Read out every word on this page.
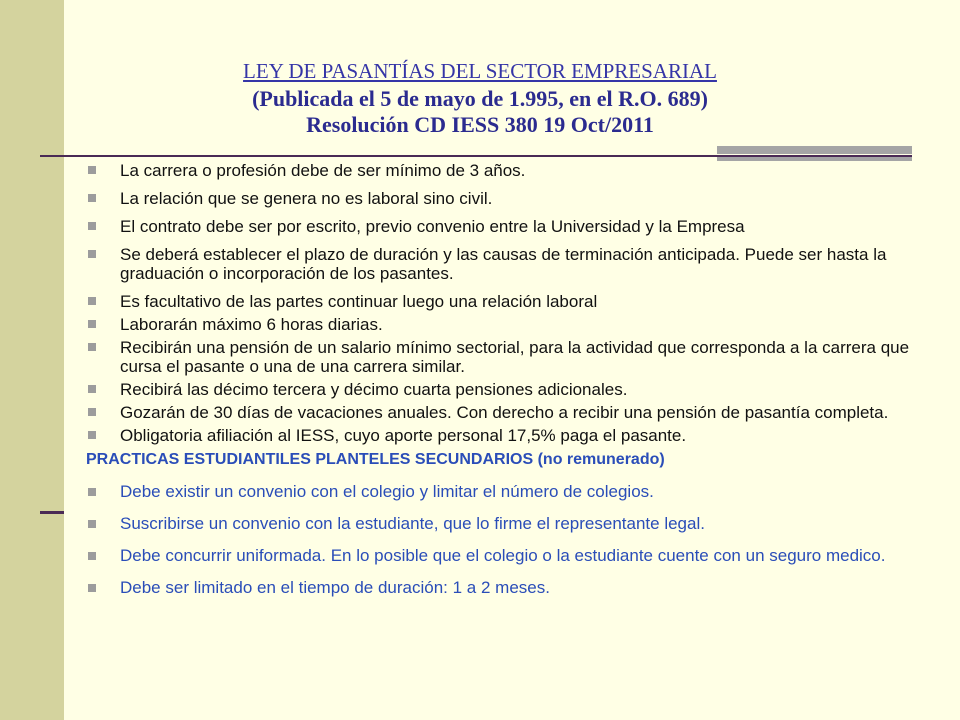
LEY DE PASANTÍAS DEL SECTOR EMPRESARIAL
(Publicada el 5 de mayo de 1.995, en el R.O. 689)
Resolución CD IESS 380 19 Oct/2011
La carrera o profesión debe de ser mínimo de 3 años.
La relación que se genera no es laboral sino civil.
El contrato debe ser por escrito, previo convenio entre la Universidad y la Empresa
Se deberá establecer el plazo de duración y las causas de terminación anticipada. Puede ser hasta la graduación o incorporación de los pasantes.
Es facultativo de las partes continuar luego una relación laboral
Laborarán máximo 6 horas diarias.
Recibirán una pensión de un salario mínimo sectorial, para la actividad que corresponda a la carrera que cursa el pasante o una de una carrera similar.
Recibirá las décimo tercera y décimo cuarta pensiones adicionales.
Gozarán de 30 días de vacaciones anuales. Con derecho a recibir una pensión de pasantía completa.
Obligatoria afiliación al IESS, cuyo aporte personal 17,5% paga el pasante.
PRACTICAS ESTUDIANTILES PLANTELES SECUNDARIOS (no remunerado)
Debe existir un convenio con el colegio y limitar el número de colegios.
Suscribirse un convenio con la estudiante, que lo firme el representante legal.
Debe concurrir uniformada. En lo posible que el colegio o la estudiante cuente con un seguro medico.
Debe ser limitado en el tiempo de duración: 1 a 2 meses.
